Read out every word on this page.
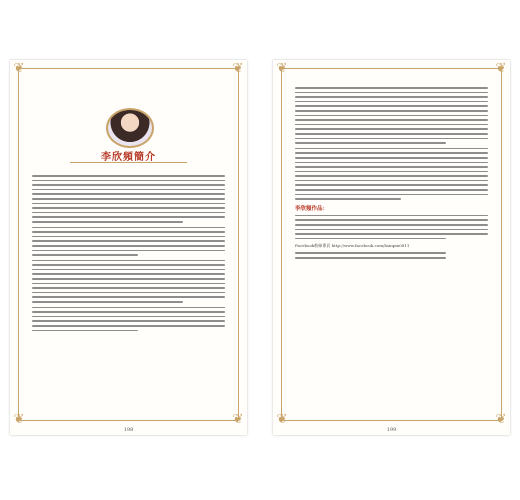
❦	❦
❦	❦
李欣頻簡介
198
❦	❦
❦	❦
李欣頻作品：
Facebook粉絲專頁 http://www.facebook.com/hsinpin0811
199
